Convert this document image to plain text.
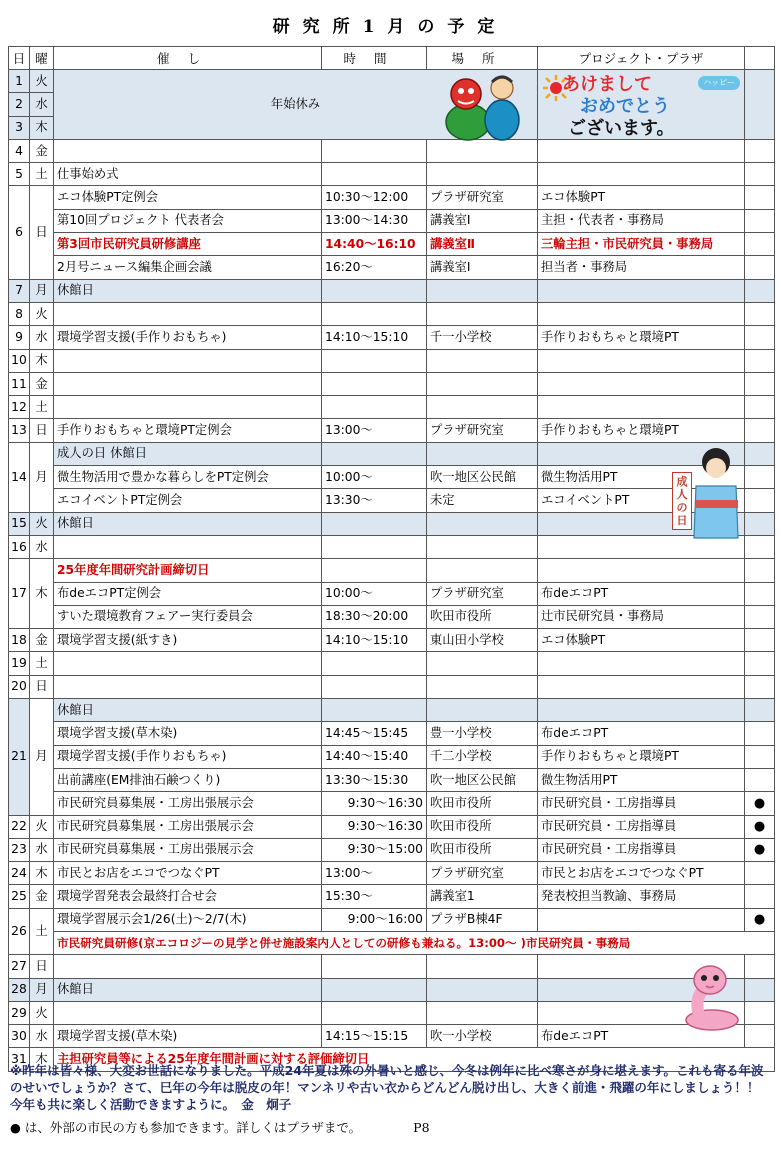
研究所1月の予定
日	曜	催し	時間	場所	プロジェクト・プラザ	
1	火	年始休み				
2	水					
3	木					
4	金					
5	土	仕事始め式				
6	日	エコ体験PT定例会	10:30～12:00	プラザ研究室	エコ体験PT	
		第10回プロジェクト 代表者会	13:00～14:30	講義室Ⅰ	主担・代表者・事務局	
		第3回市民研究員研修講座	14:40～16:10	講義室Ⅱ	三輪主担・市民研究員・事務局	
		2月号ニュース編集企画会議	16:20～	講義室Ⅰ	担当者・事務局	
7	月	休館日				
8	火					
9	水	環境学習支援(手作りおもちゃ)	14:10～15:10	千一小学校	手作りおもちゃと環境PT	
10	木					
11	金					
12	土					
13	日	手作りおもちゃと環境PT定例会	13:00～	プラザ研究室	手作りおもちゃと環境PT	
14	月	成人の日 休館日				
		微生物活用で豊かな暮らしをPT定例会	10:00～	吹一地区公民館	微生物活用PT	
		エコイベントPT定例会	13:30～	未定	エコイベントPT	
15	火	休館日				
16	水					
17	木	25年度年間研究計画締切日				
		布deエコPT定例会	10:00～	プラザ研究室	布deエコPT	
		すいた環境教育フェアー実行委員会	18:30～20:00	吹田市役所	辻市民研究員・事務局	
18	金	環境学習支援(紙すき)	14:10～15:10	東山田小学校	エコ体験PT	
19	土					
20	日					
21	月	休館日				
		環境学習支援(草木染)	14:45～15:45	豊一小学校	布deエコPT	
		環境学習支援(手作りおもちゃ)	14:40～15:40	千二小学校	手作りおもちゃと環境PT	
		出前講座(EM排油石鹸つくり)	13:30～15:30	吹一地区公民館	微生物活用PT	
		市民研究員募集展・工房出張展示会	9:30～16:30	吹田市役所	市民研究員・工房指導員	●
22	火	市民研究員募集展・工房出張展示会	9:30～16:30	吹田市役所	市民研究員・工房指導員	●
23	水	市民研究員募集展・工房出張展示会	9:30～15:00	吹田市役所	市民研究員・工房指導員	●
24	木	市民とお店をエコでつなぐPT	13:00～	プラザ研究室	市民とお店をエコでつなぐPT	
25	金	環境学習発表会最終打合せ会	15:30～	講義室1	発表校担当教諭、事務局	
26	土	環境学習展示会1/26(土)～2/7(木)	9:00～16:00	プラザB棟4F		●
		市民研究員研修(京エコロジーの見学と併せ施設案内人としての研修も兼ねる。13:00～ )市民研究員・事務局				
27	日					
28	月	休館日				
29	火					
30	水	環境学習支援(草木染)	14:15～15:15	吹一小学校	布deエコPT	
31	木	主担研究員等による25年度年間計画に対する評価締切日				
ハッピー
あけまして
おめでとう
ございます。
成人の日

※昨年は皆々様、大変お世話になりました。平成24年夏は殊の外暑いと感じ、今冬は例年に比べ寒さが身に堪えます。これも寄る年波のせいでしょうか？さて、巳年の今年は脱皮の年！マンネリや古い衣からどんどん脱け出し、大きく前進・飛躍の年にしましょう！！今年も共に楽しく活動できますように。　金　炯子

● は、外部の市民の方も参加できます。詳しくはプラザまで。	P8
